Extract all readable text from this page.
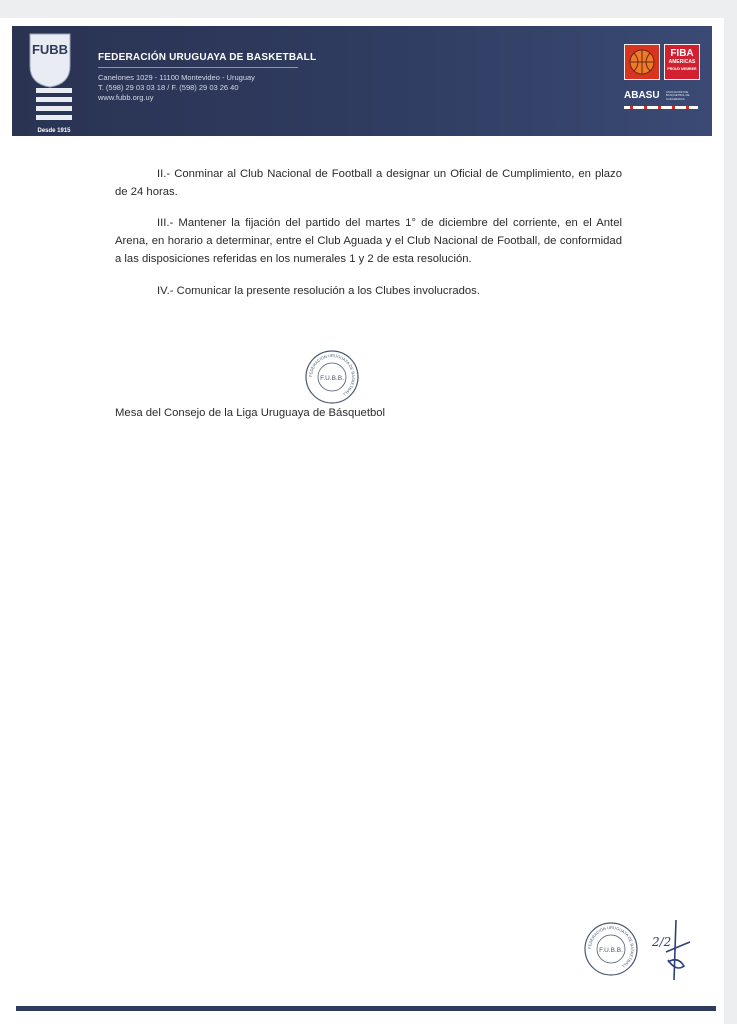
FUBB
Desde 1915
FEDERACIÓN URUGUAYA DE BASKETBALL
Canelones 1029 - 11100 Montevideo - Uruguay
T. (598) 29 03 03 18 / F. (598) 29 03 26 40
www.fubb.org.uy
FIBA
AMERICAS
PROUD MEMBER
ABASU ASOCIACION DE BASQUETBOL DE SUDAMERICA

II.- Conminar al Club Nacional de Football a designar un Oficial de Cumplimiento, en plazo de 24 horas.

III.- Mantener la fijación del partido del martes 1° de diciembre del corriente, en el Antel Arena, en horario a determinar, entre el Club Aguada y el Club Nacional de Football, de conformidad a las disposiciones referidas en los numerales 1 y 2 de esta resolución.

IV.- Comunicar la presente resolución a los Clubes involucrados.

FEDERACION URUGUAYA DE BASKETBALL
F.U.B.B.
Mesa del Consejo de la Liga Uruguaya de Básquetbol
FEDERACION URUGUAYA DE BASKETBALL
F.U.B.B.
2/2
